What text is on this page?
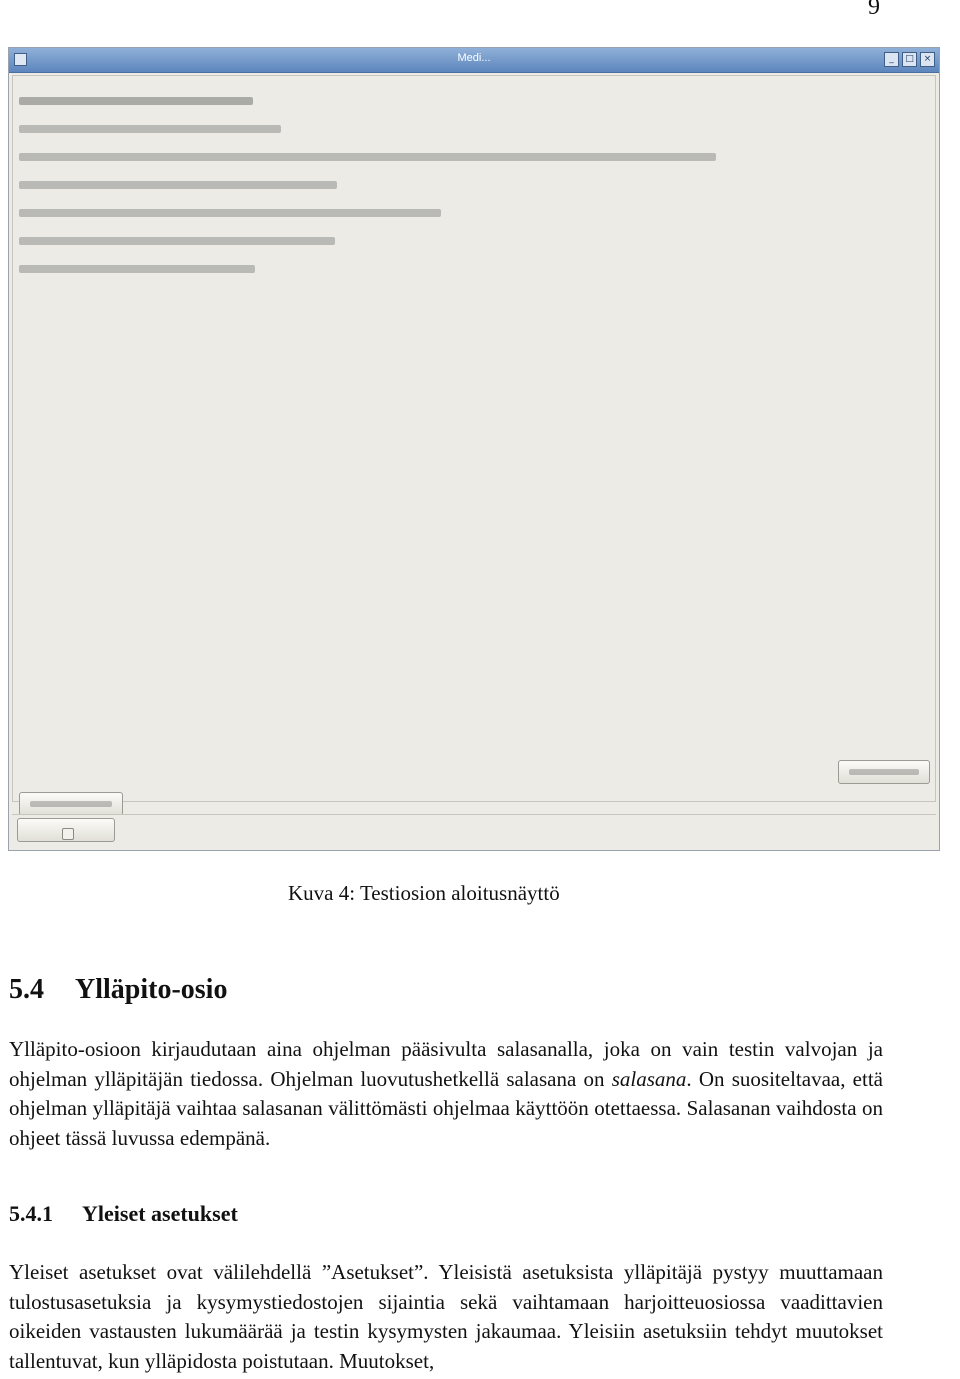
9
Medi...	_	□	×
Kuva 4: Testiosion aloitusnäyttö
5.4 Ylläpito-osio

Ylläpito-osioon kirjaudutaan aina ohjelman pääsivulta salasanalla, joka on vain testin valvojan ja ohjelman ylläpitäjän tiedossa. Ohjelman luovutushetkellä salasana on salasana. On suositeltavaa, että ohjelman ylläpitäjä vaihtaa salasanan välittömästi ohjelmaa käyttöön otettaessa. Salasanan vaihdosta on ohjeet tässä luvussa edempänä.

5.4.1 Yleiset asetukset

Yleiset asetukset ovat välilehdellä ”Asetukset”. Yleisistä asetuksista ylläpitäjä pystyy muuttamaan tulostusasetuksia ja kysymystiedostojen sijaintia sekä vaihtamaan harjoitteuosiossa vaadittavien oikeiden vastausten lukumäärää ja testin kysymysten jakaumaa. Yleisiin asetuksiin tehdyt muutokset tallentuvat, kun ylläpidosta poistutaan. Muutokset,
